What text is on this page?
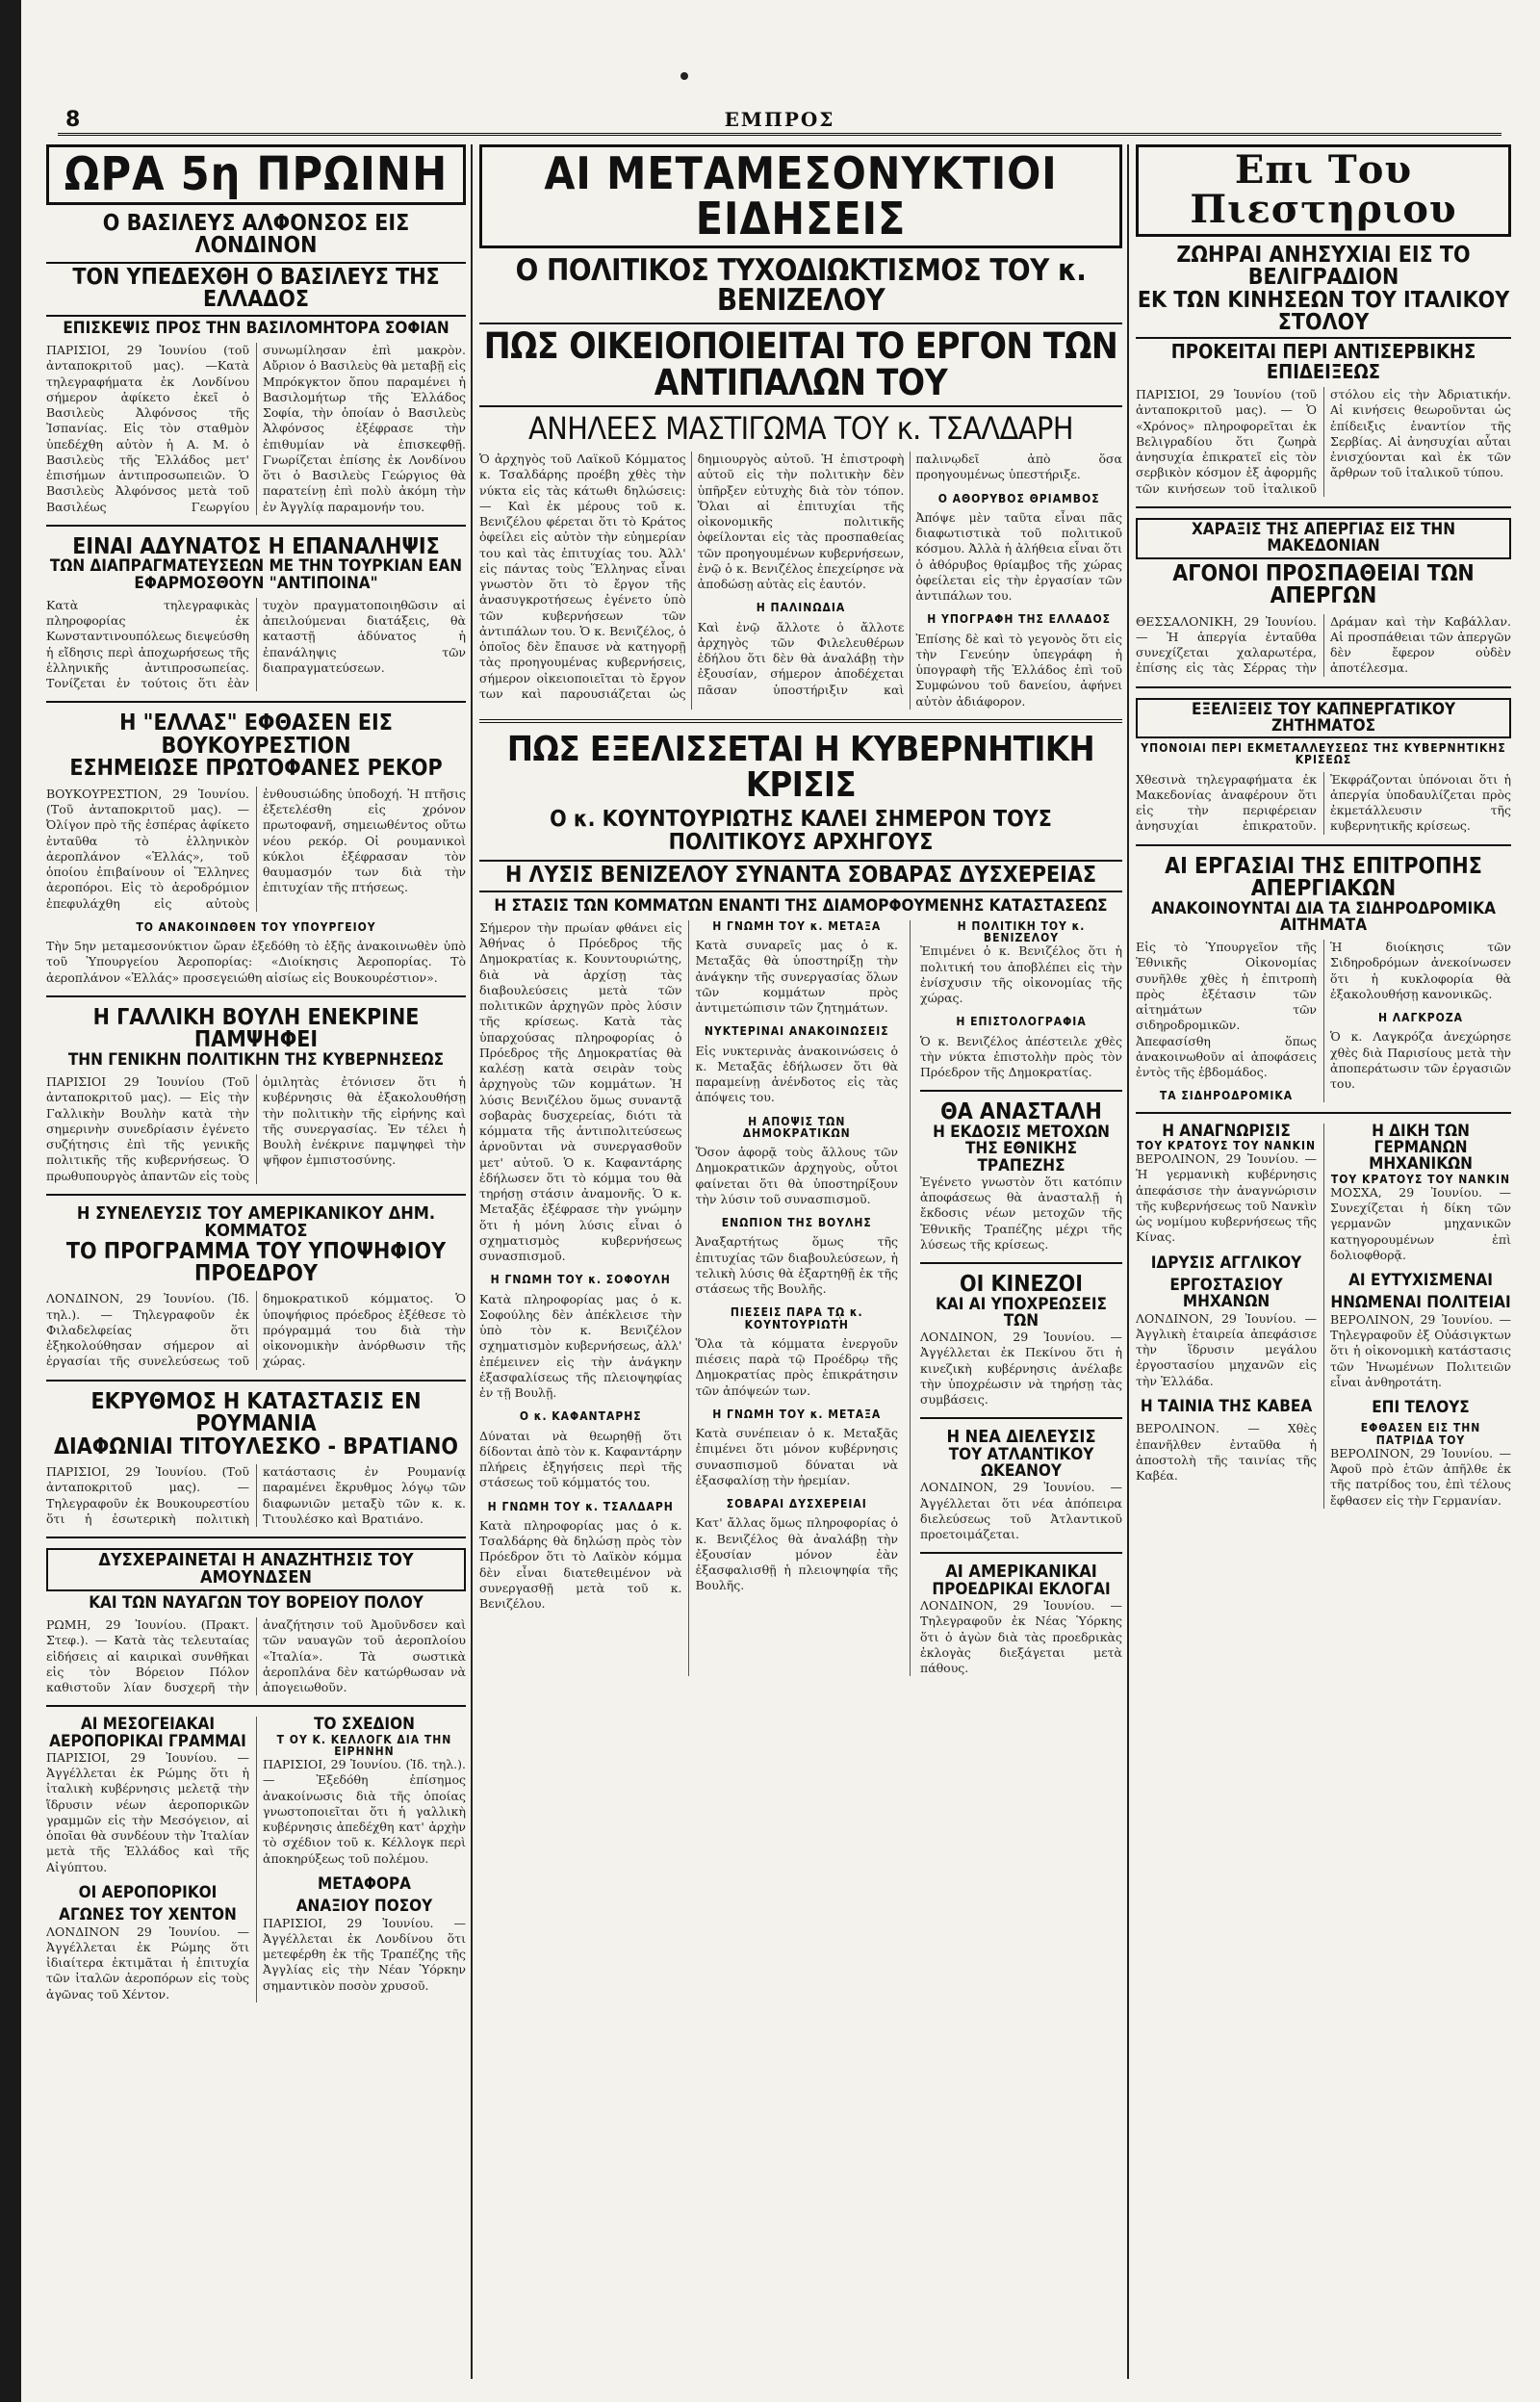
8	ΕΜΠΡΟΣ
ΩΡΑ 5η ΠΡΩΙΝΗ
Ο ΒΑΣΙΛΕΥΣ ΑΛΦΟΝΣΟΣ ΕΙΣ ΛΟΝΔΙΝΟΝ
ΤΟΝ ΥΠΕΔΕΧΘΗ Ο ΒΑΣΙΛΕΥΣ ΤΗΣ ΕΛΛΑΔΟΣ
ΕΠΙΣΚΕΨΙΣ ΠΡΟΣ ΤΗΝ ΒΑΣΙΛΟΜΗΤΟΡΑ ΣΟΦΙΑΝ

ΠΑΡΙΣΙΟΙ, 29 Ἰουνίου (τοῦ ἀνταποκριτοῦ μας). —Κατὰ τηλεγραφήματα ἐκ Λονδίνου σήμερον ἀφίκετο ἐκεῖ ὁ Βασιλεὺς Ἀλφόνσος τῆς Ἰσπανίας. Εἰς τὸν σταθμὸν ὑπεδέχθη αὐτὸν ἡ Α. Μ. ὁ Βασιλεὺς τῆς Ἑλλάδος μετ' ἐπισήμων ἀντιπροσωπειῶν. Ὁ Βασιλεὺς Ἀλφόνσος μετὰ τοῦ Βασιλέως Γεωργίου συνωμίλησαν ἐπὶ μακρὸν. Αὔριον ὁ Βασιλεὺς θὰ μεταβῇ εἰς Μπρόκγκτον ὅπου παραμένει ἡ Βασιλομήτωρ τῆς Ἑλλάδος Σοφία, τὴν ὁποίαν ὁ Βασιλεὺς Ἀλφόνσος ἐξέφρασε τὴν ἐπιθυμίαν νὰ ἐπισκεφθῇ. Γνωρίζεται ἐπίσης ἐκ Λονδίνου ὅτι ὁ Βασιλεὺς Γεώργιος θὰ παρατείνῃ ἐπὶ πολὺ ἀκόμη τὴν ἐν Ἀγγλίᾳ παραμονήν του.

ΕΙΝΑΙ ΑΔΥΝΑΤΟΣ Η ΕΠΑΝΑΛΗΨΙΣ
ΤΩΝ ΔΙΑΠΡΑΓΜΑΤΕΥΣΕΩΝ ΜΕ ΤΗΝ ΤΟΥΡΚΙΑΝ ΕΑΝ ΕΦΑΡΜΟΣΘΟΥΝ "ΑΝΤΙΠΟΙΝΑ"

Κατὰ τηλεγραφικὰς πληροφορίας ἐκ Κωνσταντινουπόλεως διεψεύσθη ἡ εἴδησις περὶ ἀποχωρήσεως τῆς ἑλληνικῆς ἀντιπροσωπείας. Τονίζεται ἐν τούτοις ὅτι ἐὰν τυχὸν πραγματοποιηθῶσιν αἱ ἀπειλούμεναι διατάξεις, θὰ καταστῇ ἀδύνατος ἡ ἐπανάληψις τῶν διαπραγματεύσεων.

Η "ΕΛΛΑΣ" ΕΦΘΑΣΕΝ ΕΙΣ ΒΟΥΚΟΥΡΕΣΤΙΟΝ
ΕΣΗΜΕΙΩΣΕ ΠΡΩΤΟΦΑΝΕΣ ΡΕΚΟΡ

ΒΟΥΚΟΥΡΕΣΤΙΟΝ, 29 Ἰουνίου. (Τοῦ ἀνταποκριτοῦ μας). — Ὀλίγον πρὸ τῆς ἑσπέρας ἀφίκετο ἐνταῦθα τὸ ἑλληνικὸν ἀεροπλάνον «Ἑλλάς», τοῦ ὁποίου ἐπιβαίνουν οἱ Ἕλληνες ἀεροπόροι. Εἰς τὸ ἀεροδρόμιον ἐπεφυλάχθη εἰς αὐτοὺς ἐνθουσιώδης ὑποδοχή. Ἡ πτῆσις ἐξετελέσθη εἰς χρόνον πρωτοφανῆ, σημειωθέντος οὕτω νέου ρεκόρ. Οἱ ρουμανικοὶ κύκλοι ἐξέφρασαν τὸν θαυμασμόν των διὰ τὴν ἐπιτυχίαν τῆς πτήσεως.

ΤΟ ΑΝΑΚΟΙΝΩΘΕΝ ΤΟΥ ΥΠΟΥΡΓΕΙΟΥ

Τὴν 5ην μεταμεσονύκτιον ὥραν ἐξεδόθη τὸ ἑξῆς ἀνακοινωθὲν ὑπὸ τοῦ Ὑπουργείου Ἀεροπορίας: «Διοίκησις Ἀεροπορίας. Τὸ ἀεροπλάνον «Ἑλλάς» προσεγειώθη αἰσίως εἰς Βουκουρέστιον».

Η ΓΑΛΛΙΚΗ ΒΟΥΛΗ ΕΝΕΚΡΙΝΕ ΠΑΜΨΗΦΕΙ
ΤΗΝ ΓΕΝΙΚΗΝ ΠΟΛΙΤΙΚΗΝ ΤΗΣ ΚΥΒΕΡΝΗΣΕΩΣ

ΠΑΡΙΣΙΟΙ 29 Ἰουνίου (Τοῦ ἀνταποκριτοῦ μας). — Εἰς τὴν Γαλλικὴν Βουλὴν κατὰ τὴν σημερινὴν συνεδρίασιν ἐγένετο συζήτησις ἐπὶ τῆς γενικῆς πολιτικῆς τῆς κυβερνήσεως. Ὁ πρωθυπουργὸς ἀπαντῶν εἰς τοὺς ὁμιλητὰς ἐτόνισεν ὅτι ἡ κυβέρνησις θὰ ἐξακολουθήσῃ τὴν πολιτικὴν τῆς εἰρήνης καὶ τῆς συνεργασίας. Ἐν τέλει ἡ Βουλὴ ἐνέκρινε παμψηφεὶ τὴν ψῆφον ἐμπιστοσύνης.

Η ΣΥΝΕΛΕΥΣΙΣ ΤΟΥ ΑΜΕΡΙΚΑΝΙΚΟΥ ΔΗΜ. ΚΟΜΜΑΤΟΣ
ΤΟ ΠΡΟΓΡΑΜΜΑ ΤΟΥ ΥΠΟΨΗΦΙΟΥ ΠΡΟΕΔΡΟΥ

ΛΟΝΔΙΝΟΝ, 29 Ἰουνίου. (Ἰδ. τηλ.). — Τηλεγραφοῦν ἐκ Φιλαδελφείας ὅτι ἐξηκολούθησαν σήμερον αἱ ἐργασίαι τῆς συνελεύσεως τοῦ δημοκρατικοῦ κόμματος. Ὁ ὑποψήφιος πρόεδρος ἐξέθεσε τὸ πρόγραμμά του διὰ τὴν οἰκονομικὴν ἀνόρθωσιν τῆς χώρας.

ΕΚΡΥΘΜΟΣ Η ΚΑΤΑΣΤΑΣΙΣ ΕΝ ΡΟΥΜΑΝΙΑ
ΔΙΑΦΩΝΙΑΙ ΤΙΤΟΥΛΕΣΚΟ - ΒΡΑΤΙΑΝΟ

ΠΑΡΙΣΙΟΙ, 29 Ἰουνίου. (Τοῦ ἀνταποκριτοῦ μας). — Τηλεγραφοῦν ἐκ Βουκουρεστίου ὅτι ἡ ἐσωτερικὴ πολιτικὴ κατάστασις ἐν Ρουμανίᾳ παραμένει ἔκρυθμος λόγῳ τῶν διαφωνιῶν μεταξὺ τῶν κ. κ. Τιτουλέσκο καὶ Βρατιάνο.

ΔΥΣΧΕΡΑΙΝΕΤΑΙ Η ΑΝΑΖΗΤΗΣΙΣ ΤΟΥ ΑΜΟΥΝΔΣΕΝ
ΚΑΙ ΤΩΝ ΝΑΥΑΓΩΝ ΤΟΥ ΒΟΡΕΙΟΥ ΠΟΛΟΥ

ΡΩΜΗ, 29 Ἰουνίου. (Πρακτ. Στεφ.). — Κατὰ τὰς τελευταίας εἰδήσεις αἱ καιρικαὶ συνθῆκαι εἰς τὸν Βόρειον Πόλον καθιστοῦν λίαν δυσχερῆ τὴν ἀναζήτησιν τοῦ Ἀμοῦνδσεν καὶ τῶν ναυαγῶν τοῦ ἀεροπλοίου «Ἰταλία». Τὰ σωστικὰ ἀεροπλάνα δὲν κατώρθωσαν νὰ ἀπογειωθοῦν.

ΑΙ ΜΕΣΟΓΕΙΑΚΑΙ
ΑΕΡΟΠΟΡΙΚΑΙ ΓΡΑΜΜΑΙ

ΠΑΡΙΣΙΟΙ, 29 Ἰουνίου. — Ἀγγέλλεται ἐκ Ρώμης ὅτι ἡ ἰταλικὴ κυβέρνησις μελετᾷ τὴν ἵδρυσιν νέων ἀεροπορικῶν γραμμῶν εἰς τὴν Μεσόγειον, αἱ ὁποῖαι θὰ συνδέουν τὴν Ἰταλίαν μετὰ τῆς Ἑλλάδος καὶ τῆς Αἰγύπτου.

ΟΙ ΑΕΡΟΠΟΡΙΚΟΙ
ΑΓΩΝΕΣ ΤΟΥ ΧΕΝΤΟΝ

ΛΟΝΔΙΝΟΝ 29 Ἰουνίου. — Ἀγγέλλεται ἐκ Ρώμης ὅτι ἰδιαίτερα ἐκτιμᾶται ἡ ἐπιτυχία τῶν ἰταλῶν ἀεροπόρων εἰς τοὺς ἀγῶνας τοῦ Χέντον.

ΤΟ ΣΧΕΔΙΟΝ
Τ ΟΥ Κ. ΚΕΛΛΟΓΚ ΔΙΑ ΤΗΝ ΕΙΡΗΝΗΝ

ΠΑΡΙΣΙΟΙ, 29 Ἰουνίου. (Ἰδ. τηλ.). — Ἐξεδόθη ἐπίσημος ἀνακοίνωσις διὰ τῆς ὁποίας γνωστοποιεῖται ὅτι ἡ γαλλικὴ κυβέρνησις ἀπεδέχθη κατ' ἀρχὴν τὸ σχέδιον τοῦ κ. Κέλλογκ περὶ ἀποκηρύξεως τοῦ πολέμου.

ΜΕΤΑΦΟΡΑ
ΑΝΑΞΙΟΥ ΠΟΣΟΥ

ΠΑΡΙΣΙΟΙ, 29 Ἰουνίου. — Ἀγγέλλεται ἐκ Λονδίνου ὅτι μετεφέρθη ἐκ τῆς Τραπέζης τῆς Ἀγγλίας εἰς τὴν Νέαν Ὑόρκην σημαντικὸν ποσὸν χρυσοῦ.

ΑΙ ΜΕΤΑΜΕΣΟΝΥΚΤΙΟΙ ΕΙΔΗΣΕΙΣ
Ο ΠΟΛΙΤΙΚΟΣ ΤΥΧΟΔΙΩΚΤΙΣΜΟΣ ΤΟΥ κ. ΒΕΝΙΖΕΛΟΥ
ΠΩΣ ΟΙΚΕΙΟΠΟΙΕΙΤΑΙ ΤΟ ΕΡΓΟΝ ΤΩΝ ΑΝΤΙΠΑΛΩΝ ΤΟΥ
ΑΝΗΛΕΕΣ ΜΑΣΤΙΓΩΜΑ ΤΟΥ κ. ΤΣΑΛΔΑΡΗ

Ὁ ἀρχηγὸς τοῦ Λαϊκοῦ Κόμματος κ. Τσαλδάρης προέβη χθὲς τὴν νύκτα εἰς τὰς κάτωθι δηλώσεις: — Καὶ ἐκ μέρους τοῦ κ. Βενιζέλου φέρεται ὅτι τὸ Κράτος ὀφείλει εἰς αὐτὸν τὴν εὐημερίαν του καὶ τὰς ἐπιτυχίας του. Ἀλλ' εἰς πάντας τοὺς Ἕλληνας εἶναι γνωστὸν ὅτι τὸ ἔργον τῆς ἀνασυγκροτήσεως ἐγένετο ὑπὸ τῶν κυβερνήσεων τῶν ἀντιπάλων του. Ὁ κ. Βενιζέλος, ὁ ὁποῖος δὲν ἔπαυσε νὰ κατηγορῇ τὰς προηγουμένας κυβερνήσεις, σήμερον οἰκειοποιεῖται τὸ ἔργον των καὶ παρουσιάζεται ὡς δημιουργὸς αὐτοῦ. Ἡ ἐπιστροφὴ αὐτοῦ εἰς τὴν πολιτικὴν δὲν ὑπῆρξεν εὐτυχὴς διὰ τὸν τόπον. Ὅλαι αἱ ἐπιτυχίαι τῆς οἰκονομικῆς πολιτικῆς ὀφείλονται εἰς τὰς προσπαθείας τῶν προηγουμένων κυβερνήσεων, ἐνῷ ὁ κ. Βενιζέλος ἐπεχείρησε νὰ ἀποδώσῃ αὐτὰς εἰς ἑαυτόν.

Η ΠΑΛΙΝΩΔΙΑ

Καὶ ἐνῷ ἄλλοτε ὁ ἄλλοτε ἀρχηγὸς τῶν Φιλελευθέρων ἐδήλου ὅτι δὲν θὰ ἀναλάβῃ τὴν ἐξουσίαν, σήμερον ἀποδέχεται πᾶσαν ὑποστήριξιν καὶ παλινῳδεῖ ἀπὸ ὅσα προηγουμένως ὑπεστήριξε.

Ο ΑΘΟΡΥΒΟΣ ΘΡΙΑΜΒΟΣ

Ἀπόψε μὲν ταῦτα εἶναι πᾶς διαφωτιστικὰ τοῦ πολιτικοῦ κόσμου. Ἀλλὰ ἡ ἀλήθεια εἶναι ὅτι ὁ ἀθόρυβος θρίαμβος τῆς χώρας ὀφείλεται εἰς τὴν ἐργασίαν τῶν ἀντιπάλων του.

Η ΥΠΟΓΡΑΦΗ ΤΗΣ ΕΛΛΑΔΟΣ

Ἐπίσης δὲ καὶ τὸ γεγονὸς ὅτι εἰς τὴν Γενεύην ὑπεγράφη ἡ ὑπογραφὴ τῆς Ἑλλάδος ἐπὶ τοῦ Συμφώνου τοῦ δανείου, ἀφήνει αὐτὸν ἀδιάφορον.

ΠΩΣ ΕΞΕΛΙΣΣΕΤΑΙ Η ΚΥΒΕΡΝΗΤΙΚΗ ΚΡΙΣΙΣ
Ο κ. ΚΟΥΝΤΟΥΡΙΩΤΗΣ ΚΑΛΕΙ ΣΗΜΕΡΟΝ ΤΟΥΣ ΠΟΛΙΤΙΚΟΥΣ ΑΡΧΗΓΟΥΣ
Η ΛΥΣΙΣ ΒΕΝΙΖΕΛΟΥ ΣΥΝΑΝΤΑ ΣΟΒΑΡΑΣ ΔΥΣΧΕΡΕΙΑΣ
Η ΣΤΑΣΙΣ ΤΩΝ ΚΟΜΜΑΤΩΝ ΕΝΑΝΤΙ ΤΗΣ ΔΙΑΜΟΡΦΟΥΜΕΝΗΣ ΚΑΤΑΣΤΑΣΕΩΣ

Σήμερον τὴν πρωίαν φθάνει εἰς Ἀθήνας ὁ Πρόεδρος τῆς Δημοκρατίας κ. Κουντουριώτης, διὰ νὰ ἀρχίσῃ τὰς διαβουλεύσεις μετὰ τῶν πολιτικῶν ἀρχηγῶν πρὸς λύσιν τῆς κρίσεως. Κατὰ τὰς ὑπαρχούσας πληροφορίας ὁ Πρόεδρος τῆς Δημοκρατίας θὰ καλέσῃ κατὰ σειρὰν τοὺς ἀρχηγοὺς τῶν κομμάτων. Ἡ λύσις Βενιζέλου ὅμως συναντᾷ σοβαρὰς δυσχερείας, διότι τὰ κόμματα τῆς ἀντιπολιτεύσεως ἀρνοῦνται νὰ συνεργασθοῦν μετ' αὐτοῦ. Ὁ κ. Καφαντάρης ἐδήλωσεν ὅτι τὸ κόμμα του θὰ τηρήσῃ στάσιν ἀναμονῆς. Ὁ κ. Μεταξᾶς ἐξέφρασε τὴν γνώμην ὅτι ἡ μόνη λύσις εἶναι ὁ σχηματισμὸς κυβερνήσεως συνασπισμοῦ.

Η ΓΝΩΜΗ ΤΟΥ κ. ΣΟΦΟΥΛΗ

Κατὰ πληροφορίας μας ὁ κ. Σοφούλης δὲν ἀπέκλεισε τὴν ὑπὸ τὸν κ. Βενιζέλον σχηματισμὸν κυβερνήσεως, ἀλλ' ἐπέμεινεν εἰς τὴν ἀνάγκην ἐξασφαλίσεως τῆς πλειοψηφίας ἐν τῇ Βουλῇ.

Ο κ. ΚΑΦΑΝΤΑΡΗΣ

Δύναται νὰ θεωρηθῇ ὅτι δίδονται ἀπὸ τὸν κ. Καφαντάρην πλήρεις ἐξηγήσεις περὶ τῆς στάσεως τοῦ κόμματός του.

Η ΓΝΩΜΗ ΤΟΥ κ. ΤΣΑΛΔΑΡΗ

Κατὰ πληροφορίας μας ὁ κ. Τσαλδάρης θὰ δηλώσῃ πρὸς τὸν Πρόεδρον ὅτι τὸ Λαϊκὸν κόμμα δὲν εἶναι διατεθειμένον νὰ συνεργασθῇ μετὰ τοῦ κ. Βενιζέλου.

Η ΓΝΩΜΗ ΤΟΥ κ. ΜΕΤΑΞΑ

Κατὰ συναρεῖς μας ὁ κ. Μεταξᾶς θὰ ὑποστηρίξῃ τὴν ἀνάγκην τῆς συνεργασίας ὅλων τῶν κομμάτων πρὸς ἀντιμετώπισιν τῶν ζητημάτων.

ΝΥΚΤΕΡΙΝΑΙ ΑΝΑΚΟΙΝΩΣΕΙΣ

Εἰς νυκτερινὰς ἀνακοινώσεις ὁ κ. Μεταξᾶς ἐδήλωσεν ὅτι θὰ παραμείνῃ ἀνένδοτος εἰς τὰς ἀπόψεις του.

Η ΑΠΟΨΙΣ ΤΩΝ ΔΗΜΟΚΡΑΤΙΚΩΝ

Ὅσον ἀφορᾷ τοὺς ἄλλους τῶν Δημοκρατικῶν ἀρχηγοὺς, οὗτοι φαίνεται ὅτι θὰ ὑποστηρίξουν τὴν λύσιν τοῦ συνασπισμοῦ.

ΕΝΩΠΙΟΝ ΤΗΣ ΒΟΥΛΗΣ

Ἀναξαρτήτως ὅμως τῆς ἐπιτυχίας τῶν διαβουλεύσεων, ἡ τελικὴ λύσις θὰ ἐξαρτηθῇ ἐκ τῆς στάσεως τῆς Βουλῆς.

ΠΙΕΣΕΙΣ ΠΑΡΑ Τῼ κ. ΚΟΥΝΤΟΥΡΙΩΤΗ

Ὅλα τὰ κόμματα ἐνεργοῦν πιέσεις παρὰ τῷ Προέδρῳ τῆς Δημοκρατίας πρὸς ἐπικράτησιν τῶν ἀπόψεών των.

Η ΓΝΩΜΗ ΤΟΥ κ. ΜΕΤΑΞΑ

Κατὰ συνέπειαν ὁ κ. Μεταξᾶς ἐπιμένει ὅτι μόνον κυβέρνησις συνασπισμοῦ δύναται νὰ ἐξασφαλίσῃ τὴν ἠρεμίαν.

ΣΟΒΑΡΑΙ ΔΥΣΧΕΡΕΙΑΙ

Κατ' ἄλλας ὅμως πληροφορίας ὁ κ. Βενιζέλος θὰ ἀναλάβῃ τὴν ἐξουσίαν μόνον ἐὰν ἐξασφαλισθῇ ἡ πλειοψηφία τῆς Βουλῆς.

Η ΠΟΛΙΤΙΚΗ ΤΟΥ κ. ΒΕΝΙΖΕΛΟΥ

Ἐπιμένει ὁ κ. Βενιζέλος ὅτι ἡ πολιτική του ἀποβλέπει εἰς τὴν ἐνίσχυσιν τῆς οἰκονομίας τῆς χώρας.

Η ΕΠΙΣΤΟΛΟΓΡΑΦΙΑ

Ὁ κ. Βενιζέλος ἀπέστειλε χθὲς τὴν νύκτα ἐπιστολὴν πρὸς τὸν Πρόεδρον τῆς Δημοκρατίας.

ΘΑ ΑΝΑΣΤΑΛΗ
Η ΕΚΔΟΣΙΣ ΜΕΤΟΧΩΝ ΤΗΣ ΕΘΝΙΚΗΣ ΤΡΑΠΕΖΗΣ

Ἐγένετο γνωστὸν ὅτι κατόπιν ἀποφάσεως θὰ ἀνασταλῇ ἡ ἔκδοσις νέων μετοχῶν τῆς Ἐθνικῆς Τραπέζης μέχρι τῆς λύσεως τῆς κρίσεως.

ΟΙ ΚΙΝΕΖΟΙ
ΚΑΙ ΑΙ ΥΠΟΧΡΕΩΣΕΙΣ ΤΩΝ

ΛΟΝΔΙΝΟΝ, 29 Ἰουνίου. — Ἀγγέλλεται ἐκ Πεκίνου ὅτι ἡ κινεζικὴ κυβέρνησις ἀνέλαβε τὴν ὑποχρέωσιν νὰ τηρήσῃ τὰς συμβάσεις.

Η ΝΕΑ ΔΙΕΛΕΥΣΙΣ
ΤΟΥ ΑΤΛΑΝΤΙΚΟΥ ΩΚΕΑΝΟΥ

ΛΟΝΔΙΝΟΝ, 29 Ἰουνίου. — Ἀγγέλλεται ὅτι νέα ἀπόπειρα διελεύσεως τοῦ Ἀτλαντικοῦ προετοιμάζεται.

ΑΙ ΑΜΕΡΙΚΑΝΙΚΑΙ
ΠΡΟΕΔΡΙΚΑΙ ΕΚΛΟΓΑΙ

ΛΟΝΔΙΝΟΝ, 29 Ἰουνίου. — Τηλεγραφοῦν ἐκ Νέας Ὑόρκης ὅτι ὁ ἀγὼν διὰ τὰς προεδρικὰς ἐκλογὰς διεξάγεται μετὰ πάθους.

Επι Του Πιεστηριου
ΖΩΗΡΑΙ ΑΝΗΣΥΧΙΑΙ ΕΙΣ ΤΟ ΒΕΛΙΓΡΑΔΙΟΝ
ΕΚ ΤΩΝ ΚΙΝΗΣΕΩΝ ΤΟΥ ΙΤΑΛΙΚΟΥ ΣΤΟΛΟΥ
ΠΡΟΚΕΙΤΑΙ ΠΕΡΙ ΑΝΤΙΣΕΡΒΙΚΗΣ ΕΠΙΔΕΙΞΕΩΣ

ΠΑΡΙΣΙΟΙ, 29 Ἰουνίου (τοῦ ἀνταποκριτοῦ μας). — Ὁ «Χρόνος» πληροφορεῖται ἐκ Βελιγραδίου ὅτι ζωηρὰ ἀνησυχία ἐπικρατεῖ εἰς τὸν σερβικὸν κόσμον ἐξ ἀφορμῆς τῶν κινήσεων τοῦ ἰταλικοῦ στόλου εἰς τὴν Ἀδριατικήν. Αἱ κινήσεις θεωροῦνται ὡς ἐπίδειξις ἐναντίον τῆς Σερβίας. Αἱ ἀνησυχίαι αὗται ἐνισχύονται καὶ ἐκ τῶν ἄρθρων τοῦ ἰταλικοῦ τύπου.

ΧΑΡΑΞΙΣ ΤΗΣ ΑΠΕΡΓΙΑΣ ΕΙΣ ΤΗΝ ΜΑΚΕΔΟΝΙΑΝ
ΑΓΟΝΟΙ ΠΡΟΣΠΑΘΕΙΑΙ ΤΩΝ ΑΠΕΡΓΩΝ

ΘΕΣΣΑΛΟΝΙΚΗ, 29 Ἰουνίου. — Ἡ ἀπεργία ἐνταῦθα συνεχίζεται χαλαρωτέρα, ἐπίσης εἰς τὰς Σέρρας τὴν Δράμαν καὶ τὴν Καβάλλαν. Αἱ προσπάθειαι τῶν ἀπεργῶν δὲν ἔφερον οὐδὲν ἀποτέλεσμα.

ΕΞΕΛΙΞΕΙΣ ΤΟΥ ΚΑΠΝΕΡΓΑΤΙΚΟΥ ΖΗΤΗΜΑΤΟΣ
ΥΠΟΝΟΙΑΙ ΠΕΡΙ ΕΚΜΕΤΑΛΛΕΥΣΕΩΣ ΤΗΣ ΚΥΒΕΡΝΗΤΙΚΗΣ ΚΡΙΣΕΩΣ

Χθεσινὰ τηλεγραφήματα ἐκ Μακεδονίας ἀναφέρουν ὅτι εἰς τὴν περιφέρειαν ἀνησυχίαι ἐπικρατοῦν. Ἐκφράζονται ὑπόνοιαι ὅτι ἡ ἀπεργία ὑποδαυλίζεται πρὸς ἐκμετάλλευσιν τῆς κυβερνητικῆς κρίσεως.

ΑΙ ΕΡΓΑΣΙΑΙ ΤΗΣ ΕΠΙΤΡΟΠΗΣ ΑΠΕΡΓΙΑΚΩΝ
ΑΝΑΚΟΙΝΟΥΝΤΑΙ ΔΙΑ ΤΑ ΣΙΔΗΡΟΔΡΟΜΙΚΑ ΑΙΤΗΜΑΤΑ

Εἰς τὸ Ὑπουργεῖον τῆς Ἐθνικῆς Οἰκονομίας συνῆλθε χθὲς ἡ ἐπιτροπὴ πρὸς ἐξέτασιν τῶν αἰτημάτων τῶν σιδηροδρομικῶν. Ἀπεφασίσθη ὅπως ἀνακοινωθοῦν αἱ ἀποφάσεις ἐντὸς τῆς ἑβδομάδος.

ΤΑ ΣΙΔΗΡΟΔΡΟΜΙΚΑ

Ἡ διοίκησις τῶν Σιδηροδρόμων ἀνεκοίνωσεν ὅτι ἡ κυκλοφορία θὰ ἐξακολουθήσῃ κανονικῶς.

Η ΛΑΓΚΡΟΖΑ

Ὁ κ. Λαγκρόζα ἀνεχώρησε χθὲς διὰ Παρισίους μετὰ τὴν ἀποπεράτωσιν τῶν ἐργασιῶν του.

Η ΑΝΑΓΝΩΡΙΣΙΣ
ΤΟΥ ΚΡΑΤΟΥΣ ΤΟΥ ΝΑΝΚΙΝ

ΒΕΡΟΛΙΝΟΝ, 29 Ἰουνίου. — Ἡ γερμανικὴ κυβέρνησις ἀπεφάσισε τὴν ἀναγνώρισιν τῆς κυβερνήσεως τοῦ Νανκὶν ὡς νομίμου κυβερνήσεως τῆς Κίνας.

ΙΔΡΥΣΙΣ ΑΓΓΛΙΚΟΥ
ΕΡΓΟΣΤΑΣΙΟΥ ΜΗΧΑΝΩΝ

ΛΟΝΔΙΝΟΝ, 29 Ἰουνίου. — Ἀγγλικὴ ἑταιρεία ἀπεφάσισε τὴν ἵδρυσιν μεγάλου ἐργοστασίου μηχανῶν εἰς τὴν Ἑλλάδα.

Η ΤΑΙΝΙΑ ΤΗΣ ΚΑΒΕΑ

ΒΕΡΟΛΙΝΟΝ. — Χθὲς ἐπανῆλθεν ἐνταῦθα ἡ ἀποστολὴ τῆς ταινίας τῆς Καβέα.

Η ΔΙΚΗ ΤΩΝ ΓΕΡΜΑΝΩΝ ΜΗΧΑΝΙΚΩΝ
ΤΟΥ ΚΡΑΤΟΥΣ ΤΟΥ ΝΑΝΚΙΝ

ΜΟΣΧΑ, 29 Ἰουνίου. — Συνεχίζεται ἡ δίκη τῶν γερμανῶν μηχανικῶν κατηγορουμένων ἐπὶ δολιοφθορᾷ.

ΑΙ ΕΥΤΥΧΙΣΜΕΝΑΙ
ΗΝΩΜΕΝΑΙ ΠΟΛΙΤΕΙΑΙ

ΒΕΡΟΛΙΝΟΝ, 29 Ἰουνίου. — Τηλεγραφοῦν ἐξ Οὐάσιγκτων ὅτι ἡ οἰκονομικὴ κατάστασις τῶν Ἡνωμένων Πολιτειῶν εἶναι ἀνθηροτάτη.

ΕΠΙ ΤΕΛΟΥΣ
ΕΦΘΑΣΕΝ ΕΙΣ ΤΗΝ ΠΑΤΡΙΔΑ ΤΟΥ

ΒΕΡΟΛΙΝΟΝ, 29 Ἰουνίου. — Ἀφοῦ πρὸ ἑτῶν ἀπῆλθε ἐκ τῆς πατρίδος του, ἐπὶ τέλους ἔφθασεν εἰς τὴν Γερμανίαν.
